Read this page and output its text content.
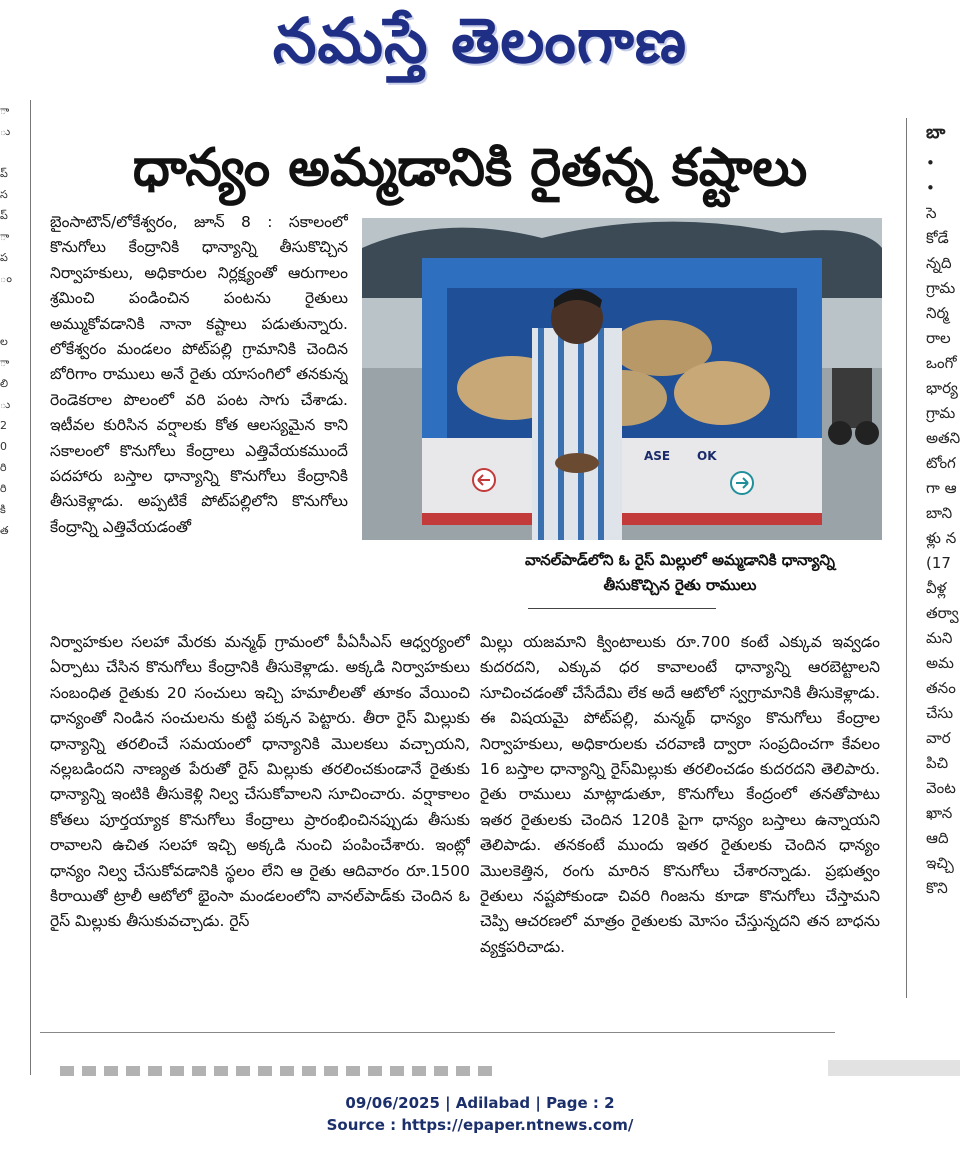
నమస్తే తెలంగాణ
ా
ు

ప్
స
ప్
ా
ప
ం

ల
ా
లి
ు
2
0
రి
రి
కి
త
ధాన్యం అమ్మడానికి రైతన్న కష్టాలు

బైంసాటౌన్/లోకేశ్వరం, జూన్ 8 : సకాలంలో కొనుగోలు కేంద్రానికి ధాన్యాన్ని తీసుకొచ్చిన నిర్వాహకులు, అధికారుల నిర్లక్ష్యంతో ఆరుగాలం శ్రమించి పండించిన పంటను రైతులు అమ్ముకోవడానికి నానా కష్టాలు పడుతున్నారు. లోకేశ్వరం మండలం పోట్‌పల్లి గ్రామానికి చెందిన బోరిగాం రాములు అనే రైతు యాసంగిలో తనకున్న రెండెకరాల పొలంలో వరి పంట సాగు చేశాడు. ఇటీవల కురిసిన వర్షాలకు కోత ఆలస్యమైన కాని సకాలంలో కొనుగోలు కేంద్రాలు ఎత్తివేయకముందే పదహారు బస్తాల ధాన్యాన్ని కొనుగోలు కేంద్రానికి తీసుకెళ్లాడు. అప్పటికే పోట్‌పల్లిలోని కొనుగోలు కేంద్రాన్ని ఎత్తివేయడంతో

ASE OK
వానల్‌పాడ్‌లోని ఓ రైస్ మిల్లులో అమ్మడానికి ధాన్యాన్ని తీసుకొచ్చిన రైతు రాములు

నిర్వాహకుల సలహా మేరకు మన్మథ్ గ్రామంలో పీఏసీఎస్ ఆధ్వర్యంలో ఏర్పాటు చేసిన కొనుగోలు కేంద్రానికి తీసుకెళ్లాడు. అక్కడి నిర్వాహకులు సంబంధిత రైతుకు 20 సంచులు ఇచ్చి హమాలీలతో తూకం వేయించి ధాన్యంతో నిండిన సంచులను కుట్టి పక్కన పెట్టారు. తీరా రైస్ మిల్లుకు ధాన్యాన్ని తరలించే సమయంలో ధాన్యానికి మొలకలు వచ్చాయని, నల్లబడిందని నాణ్యత పేరుతో రైస్ మిల్లుకు తరలించకుండానే రైతుకు ధాన్యాన్ని ఇంటికి తీసుకెళ్లి నిల్వ చేసుకోవాలని సూచించారు. వర్షాకాలం కోతలు పూర్తయ్యాక కొనుగోలు కేంద్రాలు ప్రారంభించినప్పుడు తీసుకు రావాలని ఉచిత సలహా ఇచ్చి అక్కడి నుంచి పంపించేశారు. ఇంట్లో ధాన్యం నిల్వ చేసుకోవడానికి స్థలం లేని ఆ రైతు ఆదివారం రూ.1500 కిరాయితో ట్రాలీ ఆటోలో భైంసా మండలంలోని వానల్‌పాడ్‌కు చెందిన ఓ రైస్ మిల్లుకు తీసుకువచ్చాడు. రైస్

మిల్లు యజమాని క్వింటాలుకు రూ.700 కంటే ఎక్కువ ఇవ్వడం కుదరదని, ఎక్కువ ధర కావాలంటే ధాన్యాన్ని ఆరబెట్టాలని సూచించడంతో చేసేదేమి లేక అదే ఆటోలో స్వగ్రామానికి తీసుకెళ్లాడు. ఈ విషయమై పోట్‌పల్లి, మన్మథ్ ధాన్యం కొనుగోలు కేంద్రాల నిర్వాహకులు, అధికారులకు చరవాణి ద్వారా సంప్రదించగా కేవలం 16 బస్తాల ధాన్యాన్ని రైస్‌మిల్లుకు తరలించడం కుదరదని తెలిపారు. రైతు రాములు మాట్లాడుతూ, కొనుగోలు కేంద్రంలో తనతోపాటు ఇతర రైతులకు చెందిన 120కి పైగా ధాన్యం బస్తాలు ఉన్నాయని తెలిపాడు. తనకంటే ముందు ఇతర రైతులకు చెందిన ధాన్యం మొలకెత్తిన, రంగు మారిన కొనుగోలు చేశారన్నాడు. ప్రభుత్వం రైతులు నష్టపోకుండా చివరి గింజను కూడా కొనుగోలు చేస్తామని చెప్పి ఆచరణలో మాత్రం రైతులకు మోసం చేస్తున్నదని తన బాధను వ్యక్తపరిచాడు.

బా
•
•
సె
కోడే
న్నది
గ్రామ
నిర్మ
రాల
ఒంగో
భార్య
గ్రామ
అతని
టోంగ
గా ఆ
బాని
ళ్లు న
(17
వీళ్ల
తర్వా
మని
అమ
తనం
చేసు
వార
పిచి
వెంట
ఖాన
ఆది
ఇచ్చి
కొని
09/06/2025 | Adilabad | Page : 2
Source : https://epaper.ntnews.com/
